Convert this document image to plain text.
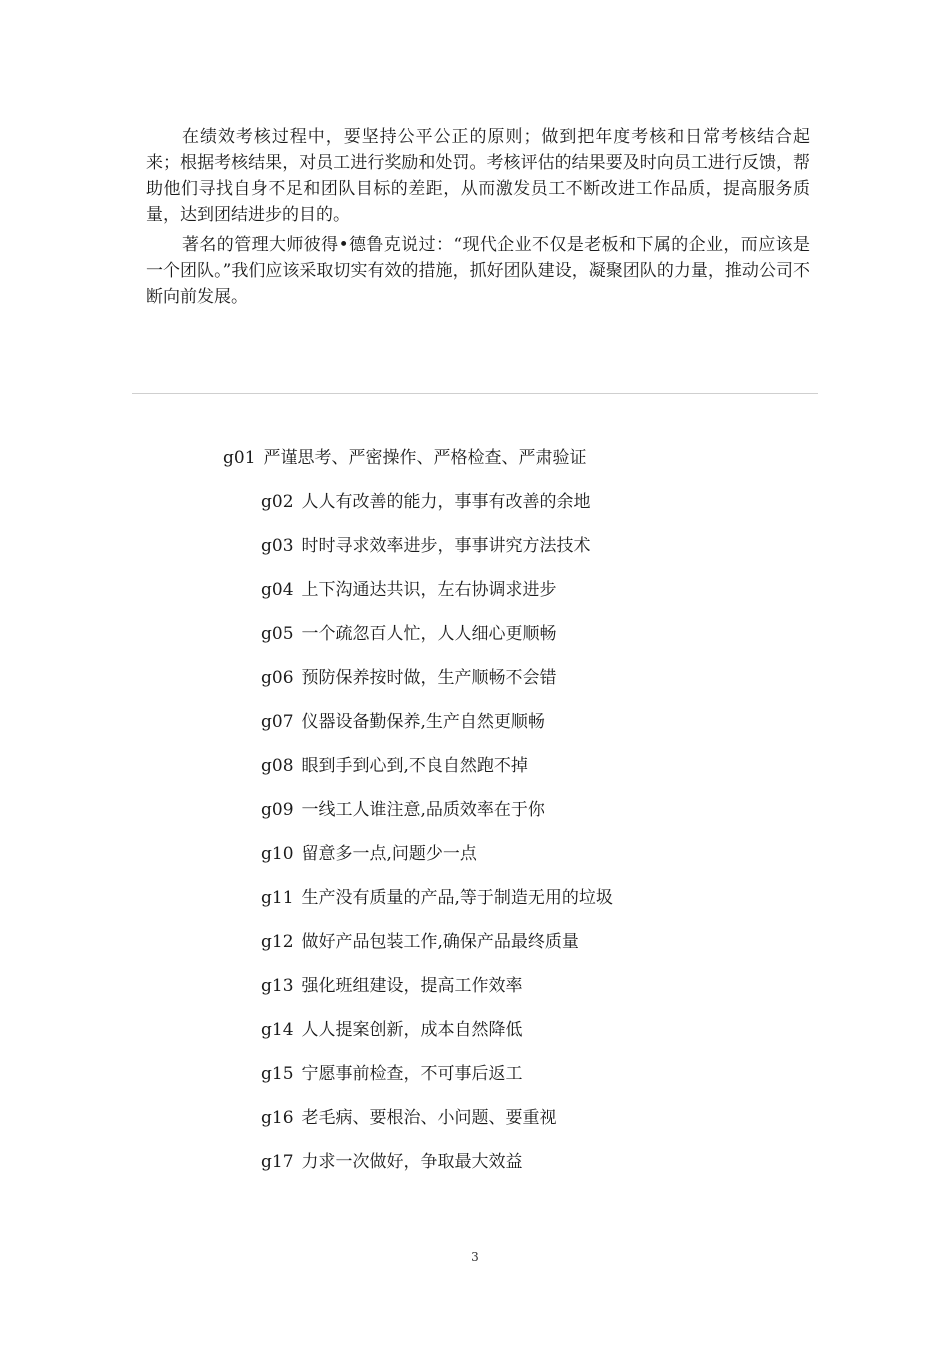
在绩效考核过程中，要坚持公平公正的原则；做到把年度考核和日常考核结合起来；根据考核结果，对员工进行奖励和处罚。考核评估的结果要及时向员工进行反馈，帮助他们寻找自身不足和团队目标的差距，从而激发员工不断改进工作品质，提高服务质量，达到团结进步的目的。

著名的管理大师彼得•德鲁克说过：“现代企业不仅是老板和下属的企业，而应该是一个团队。”我们应该采取切实有效的措施，抓好团队建设，凝聚团队的力量，推动公司不断向前发展。

g01 严谨思考、严密操作、严格检查、严肃验证
g02 人人有改善的能力，事事有改善的余地
g03 时时寻求效率进步，事事讲究方法技术
g04 上下沟通达共识，左右协调求进步
g05 一个疏忽百人忙，人人细心更顺畅
g06 预防保养按时做，生产顺畅不会错
g07 仪器设备勤保养,生产自然更顺畅
g08 眼到手到心到,不良自然跑不掉
g09 一线工人谁注意,品质效率在于你
g10 留意多一点,问题少一点
g11 生产没有质量的产品,等于制造无用的垃圾
g12 做好产品包装工作,确保产品最终质量
g13 强化班组建设，提高工作效率
g14 人人提案创新，成本自然降低
g15 宁愿事前检查，不可事后返工
g16 老毛病、要根治、小问题、要重视
g17 力求一次做好，争取最大效益
3
